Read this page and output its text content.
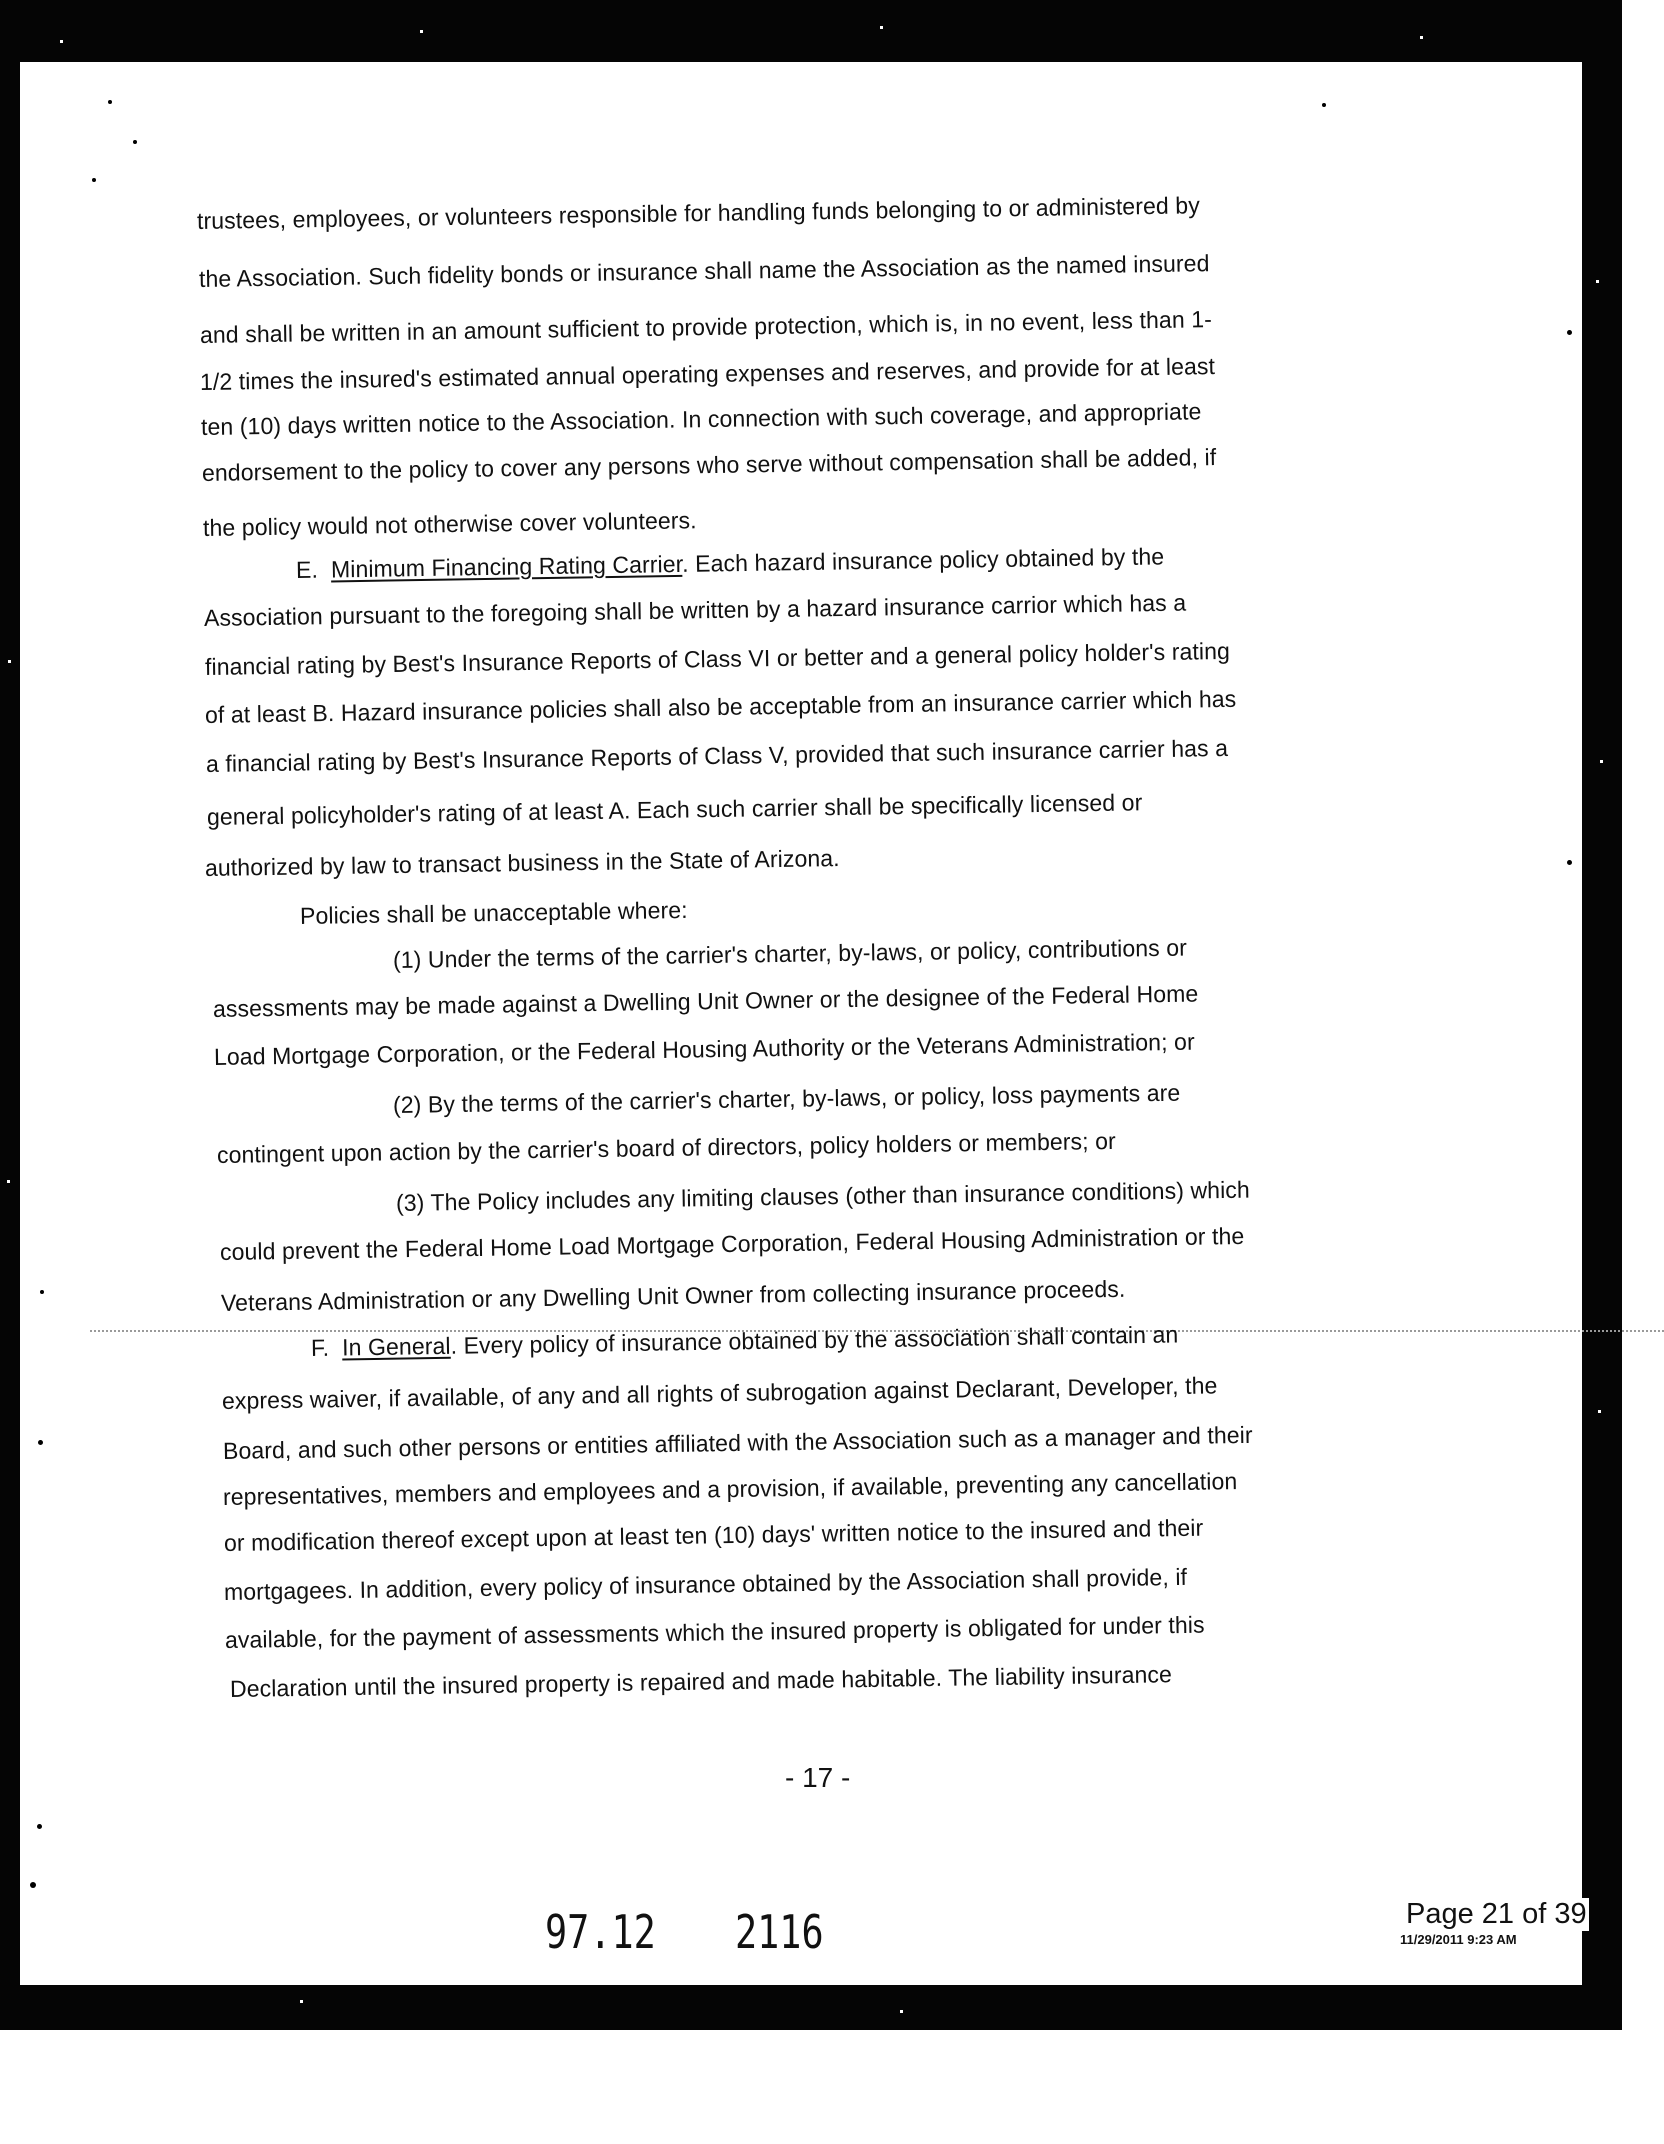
trustees, employees, or volunteers responsible for handling funds belonging to or administered by
the Association. Such fidelity bonds or insurance shall name the Association as the named insured
and shall be written in an amount sufficient to provide protection, which is, in no event, less than 1-
1/2 times the insured's estimated annual operating expenses and reserves, and provide for at least
ten (10) days written notice to the Association. In connection with such coverage, and appropriate
endorsement to the policy to cover any persons who serve without compensation shall be added, if
the policy would not otherwise cover volunteers.
E. Minimum Financing Rating Carrier. Each hazard insurance policy obtained by the
Association pursuant to the foregoing shall be written by a hazard insurance carrior which has a
financial rating by Best's Insurance Reports of Class VI or better and a general policy holder's rating
of at least B. Hazard insurance policies shall also be acceptable from an insurance carrier which has
a financial rating by Best's Insurance Reports of Class V, provided that such insurance carrier has a
general policyholder's rating of at least A. Each such carrier shall be specifically licensed or
authorized by law to transact business in the State of Arizona.
Policies shall be unacceptable where:
(1) Under the terms of the carrier's charter, by-laws, or policy, contributions or
assessments may be made against a Dwelling Unit Owner or the designee of the Federal Home
Load Mortgage Corporation, or the Federal Housing Authority or the Veterans Administration; or
(2) By the terms of the carrier's charter, by-laws, or policy, loss payments are
contingent upon action by the carrier's board of directors, policy holders or members; or
(3) The Policy includes any limiting clauses (other than insurance conditions) which
could prevent the Federal Home Load Mortgage Corporation, Federal Housing Administration or the
Veterans Administration or any Dwelling Unit Owner from collecting insurance proceeds.
F. In General. Every policy of insurance obtained by the association shall contain an
express waiver, if available, of any and all rights of subrogation against Declarant, Developer, the
Board, and such other persons or entities affiliated with the Association such as a manager and their
representatives, members and employees and a provision, if available, preventing any cancellation
or modification thereof except upon at least ten (10) days' written notice to the insured and their
mortgagees. In addition, every policy of insurance obtained by the Association shall provide, if
available, for the payment of assessments which the insured property is obligated for under this
Declaration until the insured property is repaired and made habitable. The liability insurance
- 17 -
97.12 2116	Page 21 of 39
11/29/2011 9:23 AM
